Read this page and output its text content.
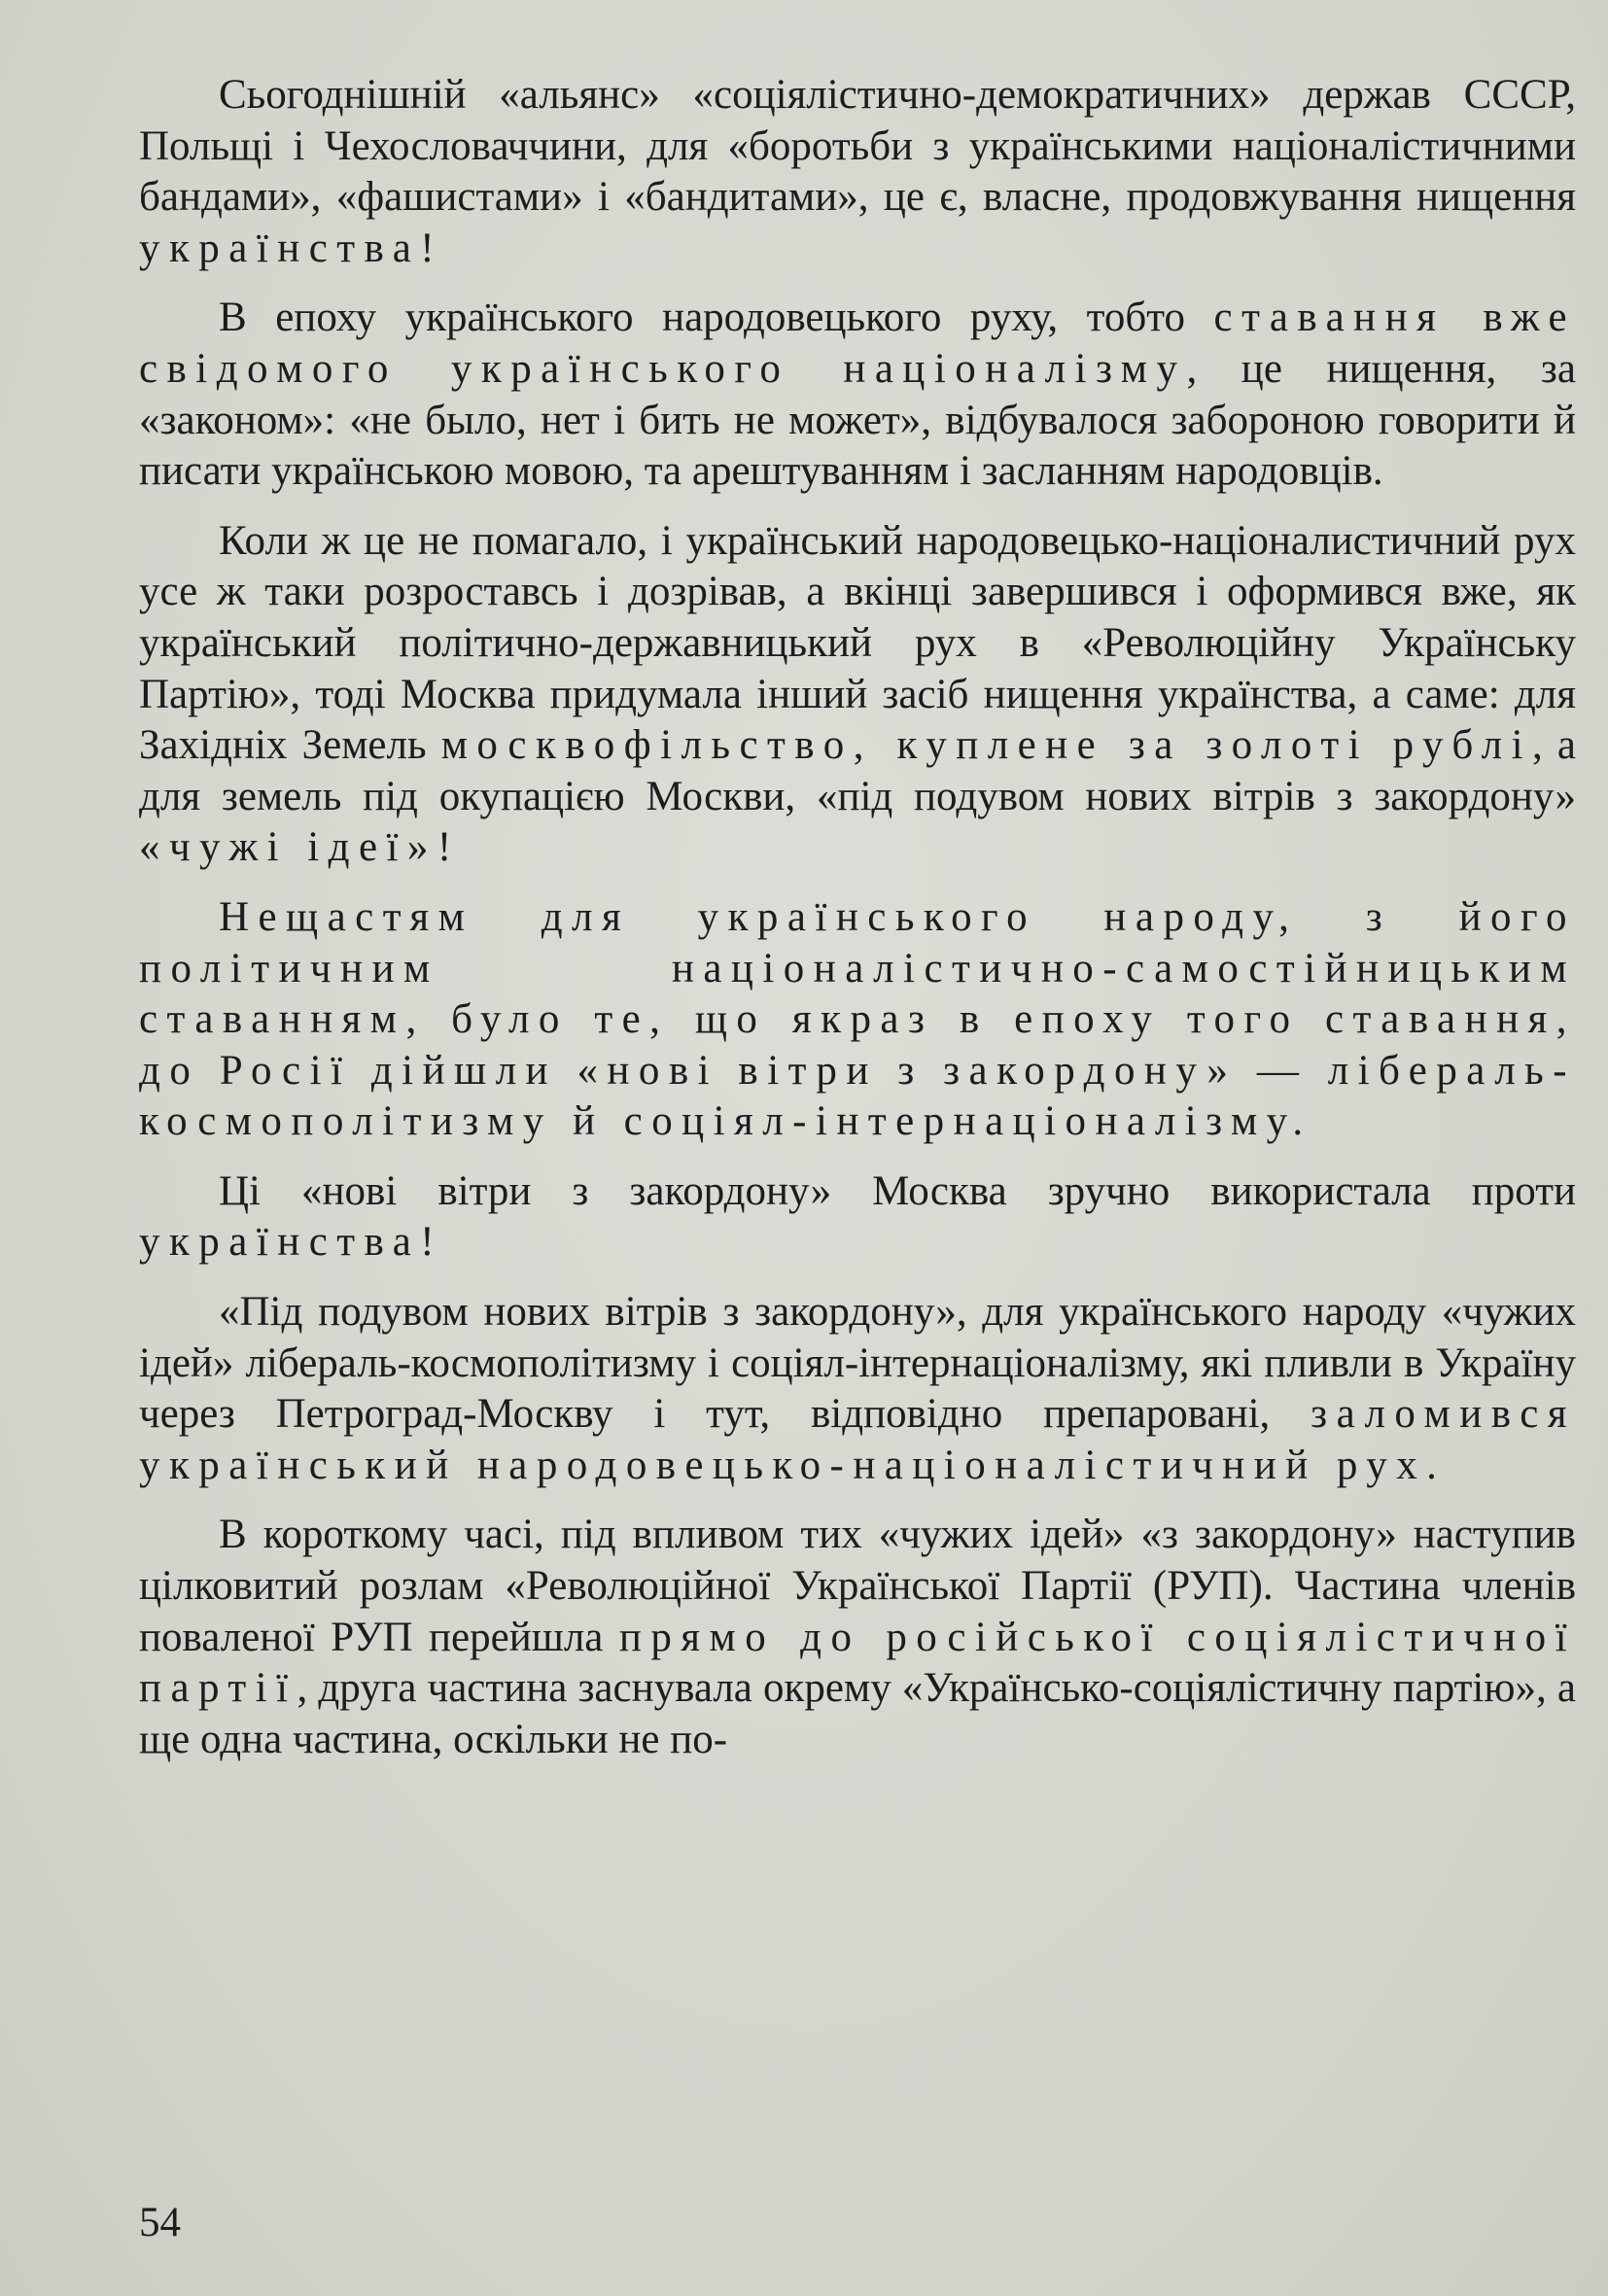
Сьогоднішній «альянс» «соціялістично-демократичних» держав СССР, Польщі і Чехословаччини, для «боротьби з українськими націоналістичними бандами», «фашистами» і «бандитами», це є, власне, продовжування нищення українства!

В епоху українського народовецького руху, тобто ставання вже свідомого українського націоналізму, це нищення, за «законом»: «не было, нет і бить не может», відбувалося забороною говорити й писати українською мовою, та арештуванням і засланням народовців.

Коли ж це не помагало, і український народовецько-націоналистичний рух усе ж таки розроставсь і дозрівав, а вкінці завершився і оформився вже, як український політично-державницький рух в «Революційну Українську Партію», тоді Москва придумала інший засіб нищення українства, а саме: для Західніх Земель москвофільство, куплене за золоті рублі, а для земель під окупацією Москви, «під подувом нових вітрів з закордону» «чужі ідеї»!

Нещастям для українського народу, з його політичним націоналістично-самостійницьким ставанням, було те, що якраз в епоху того ставання, до Росії дійшли «нові вітри з закордону» — лібераль-космополітизму й соціял-інтернаціоналізму.

Ці «нові вітри з закордону» Москва зручно використала проти українства!

«Під подувом нових вітрів з закордону», для українського народу «чужих ідей» лібераль-космополітизму і соціял-інтернаціоналізму, які пливли в Україну через Петроград-Москву і тут, відповідно препаровані, заломився український народовецько-націоналістичний рух.

В короткому часі, під впливом тих «чужих ідей» «з закордону» наступив цілковитий розлам «Революційної Української Партії (РУП). Частина членів поваленої РУП перейшла прямо до російської соціялістичної партії, друга частина заснувала окрему «Українсько-соціялістичну партію», а ще одна частина, оскільки не по-

54
